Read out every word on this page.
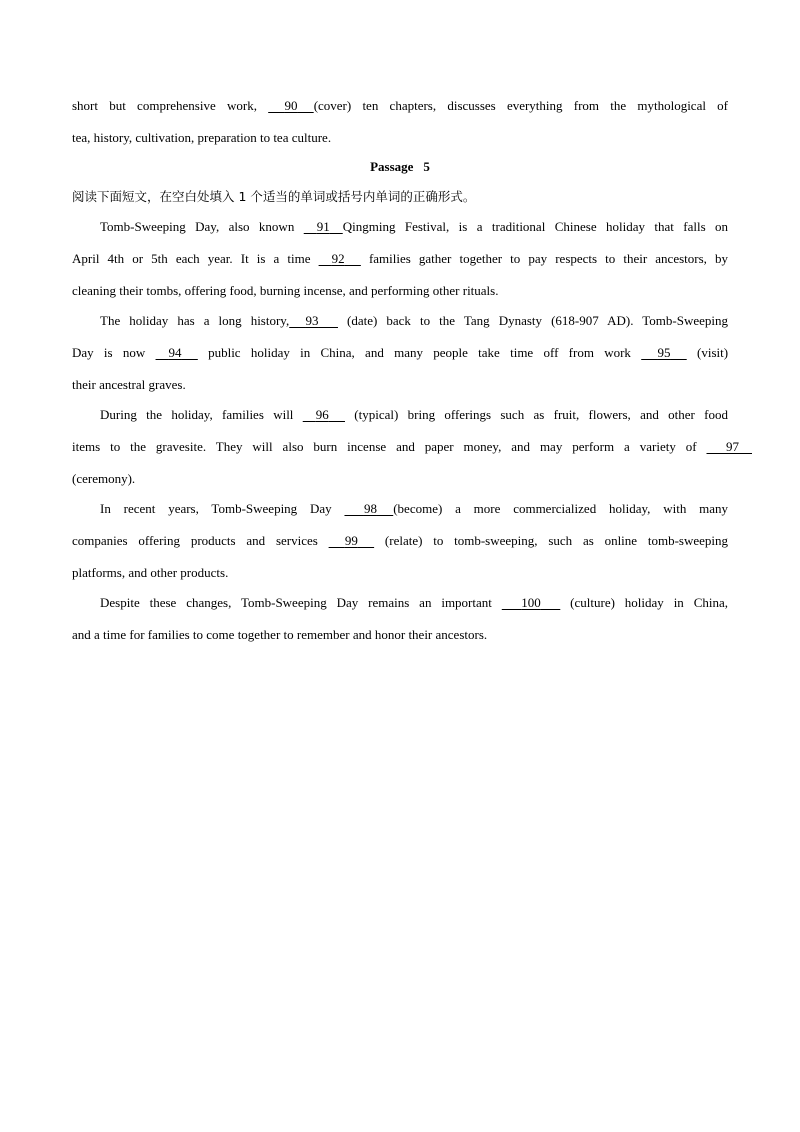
short but comprehensive work, 90 (cover) ten chapters, discusses everything from the mythological of
tea, history, cultivation, preparation to tea culture.
Passage 5
阅读下面短文，在空白处填入 1 个适当的单词或括号内单词的正确形式。
Tomb-Sweeping Day, also known 91 Qingming Festival, is a traditional Chinese holiday that falls on
April 4th or 5th each year. It is a time 92 families gather together to pay respects to their ancestors, by
cleaning their tombs, offering food, burning incense, and performing other rituals.
The holiday has a long history, 93 (date) back to the Tang Dynasty (618-907 AD). Tomb-Sweeping
Day is now 94 public holiday in China, and many people take time off from work 95 (visit)
their ancestral graves.
During the holiday, families will 96 (typical) bring offerings such as fruit, flowers, and other food
items to the gravesite. They will also burn incense and paper money, and may perform a variety of 97
(ceremony).
In recent years, Tomb-Sweeping Day 98 (become) a more commercialized holiday, with many
companies offering products and services 99 (relate) to tomb-sweeping, such as online tomb-sweeping
platforms, and other products.
Despite these changes, Tomb-Sweeping Day remains an important 100 (culture) holiday in China,
and a time for families to come together to remember and honor their ancestors.
